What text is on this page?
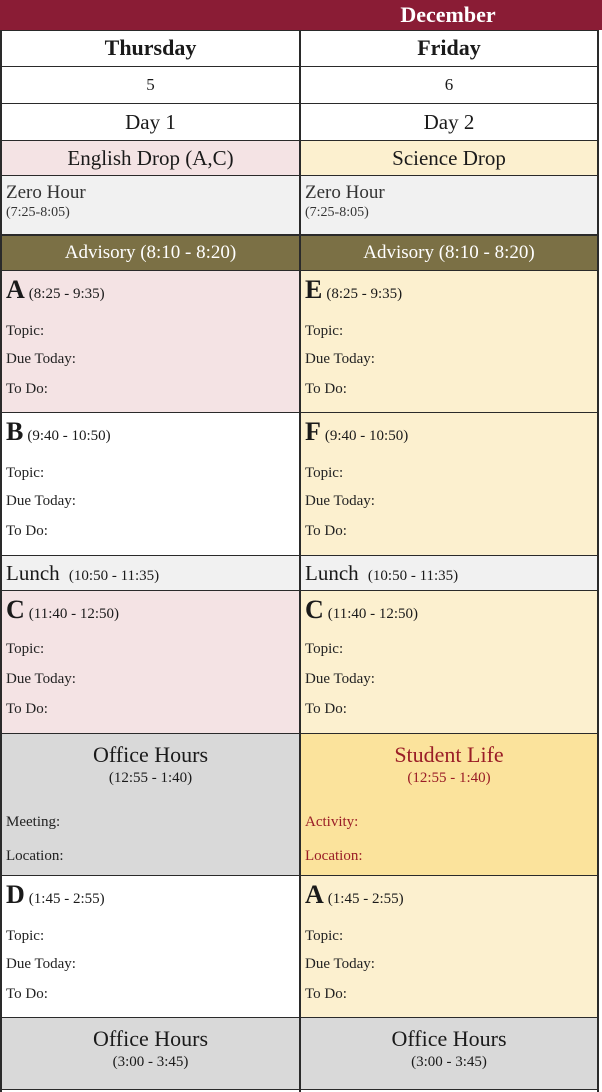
December
Thursday
5
Day 1
English Drop (A,C)
Zero Hour
(7:25-8:05)
Advisory (8:10 - 8:20)
A (8:25 - 9:35)
Topic:
Due Today:
To Do:
B (9:40 - 10:50)
Topic:
Due Today:
To Do:
Lunch (10:50 - 11:35)
C (11:40 - 12:50)
Topic:
Due Today:
To Do:
Office Hours
(12:55 - 1:40)
Meeting:
Location:
D (1:45 - 2:55)
Topic:
Due Today:
To Do:
Office Hours
(3:00 - 3:45)
Friday
6
Day 2
Science Drop
Zero Hour
(7:25-8:05)
Advisory (8:10 - 8:20)
E (8:25 - 9:35)
Topic:
Due Today:
To Do:
F (9:40 - 10:50)
Topic:
Due Today:
To Do:
Lunch (10:50 - 11:35)
C (11:40 - 12:50)
Topic:
Due Today:
To Do:
Student Life
(12:55 - 1:40)
Activity:
Location:
A (1:45 - 2:55)
Topic:
Due Today:
To Do:
Office Hours
(3:00 - 3:45)
